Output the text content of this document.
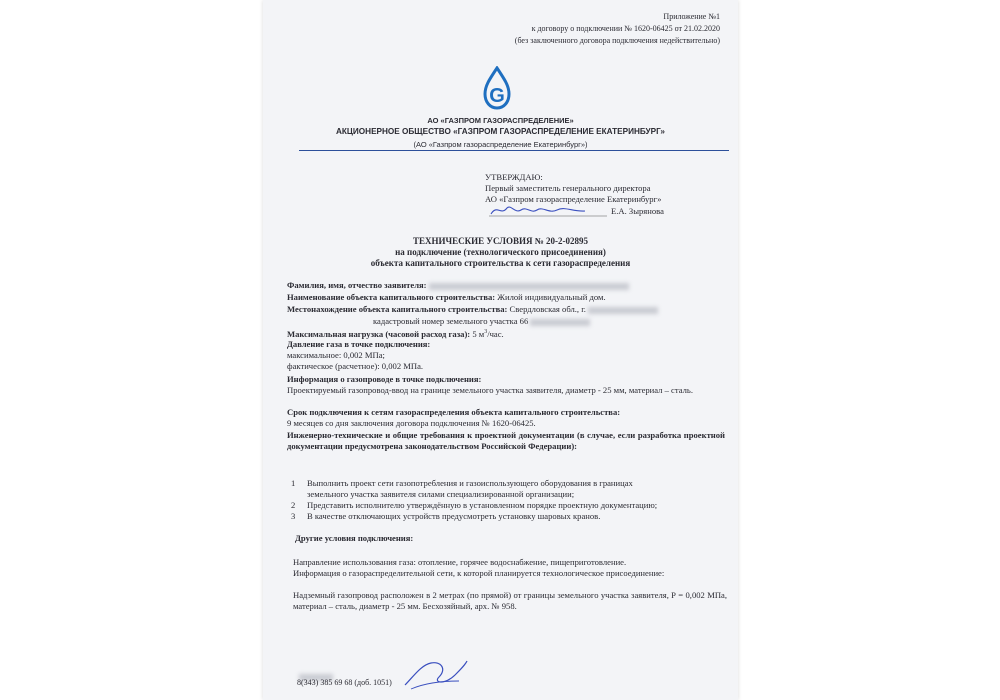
Приложение №1
к договору о подключении № 1620-06425 от 21.02.2020
(без заключенного договора подключения недействительно)
G
АО «ГАЗПРОМ ГАЗОРАСПРЕДЕЛЕНИЕ»
АКЦИОНЕРНОЕ ОБЩЕСТВО «ГАЗПРОМ ГАЗОРАСПРЕДЕЛЕНИЕ ЕКАТЕРИНБУРГ»
(АО «Газпром газораспределение Екатеринбург»)
УТВЕРЖДАЮ:
Первый заместитель генерального директора
АО «Газпром газораспределение Екатеринбург»
Е.А. Зырянова
ТЕХНИЧЕСКИЕ УСЛОВИЯ № 20-2-02895
на подключение (технологического присоединения)
объекта капитального строительства к сети газораспределения
Фамилия, имя, отчество заявителя:
Наименование объекта капитального строительства: Жилой индивидуальный дом.
Местонахождение объекта капитального строительства: Свердловская обл., г.
кадастровый номер земельного участка 66
Максимальная нагрузка (часовой расход газа): 5 $м^3$/час.
Давление газа в точке подключения:
максимальное: 0,002 МПа;
фактическое (расчетное): 0,002 МПа.
Информация о газопроводе в точке подключения:
Проектируемый газопровод-ввод на границе земельного участка заявителя, диаметр - 25 мм, материал – сталь.
Срок подключения к сетям газораспределения объекта капитального строительства:
9 месяцев со дня заключения договора подключения № 1620-06425.
Инженерно-технические и общие требования к проектной документации (в случае, если разработка проектной документации предусмотрена законодательством Российской Федерации):
1	Выполнить проект сети газопотребления и газоиспользующего оборудования в границах
земельного участка заявителя силами специализированной организации;
2	Представить исполнителю утверждённую в установленном порядке проектную документацию;
3	В качестве отключающих устройств предусмотреть установку шаровых кранов.
Другие условия подключения:
Направление использования газа: отопление, горячее водоснабжение, пищеприготовление.
Информация о газораспределительной сети, к которой планируется технологическое присоединение:
Надземный газопровод расположен в 2 метрах (по прямой) от границы земельного участка заявителя, Р = 0,002 МПа, материал – сталь, диаметр - 25 мм. Бесхозяйный, арх. № 958.
8(343) 385 69 68 (доб. 1051)
